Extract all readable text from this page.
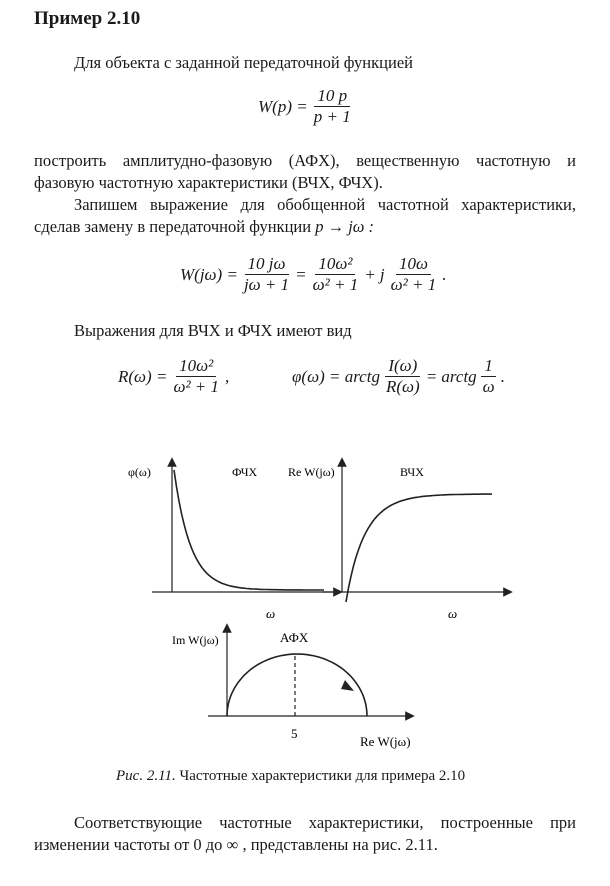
Пример 2.10
Для объекта с заданной передаточной функцией
$W(p) = \frac{10 p}{p + 1}$
построить амплитудно-фазовую (АФХ), вещественную частотную и фазовую частотную характеристики (ВЧХ, ФЧХ).
Запишем выражение для обобщенной частотной характеристики, сделав замену в передаточной функции p → jω :
$W(j\omega) = \frac{10 j\omega}{j\omega + 1} = \frac{\text{10ω²}}{\text{ω² + 1}} + j \frac{10\omega}{\text{ω² + 1}}$ .
Выражения для ВЧХ и ФЧХ имеют вид
$R(\omega) = \frac{\text{10ω²}}{\text{ω² + 1}}$ ,	φ(ω) = arctg $\frac{I(\omega)}{R(\omega)}$ = arctg $\frac{1}{\omega}$ .
φ(ω)	ФЧХ
ω
Re W(jω)	ВЧХ
ω
Im W(jω)	АФХ
5
Re W(jω)
Рис. 2.11. Частотные характеристики для примера 2.10
Соответствующие частотные характеристики, построенные при изменении частоты от 0 до ∞ , представлены на рис. 2.11.
